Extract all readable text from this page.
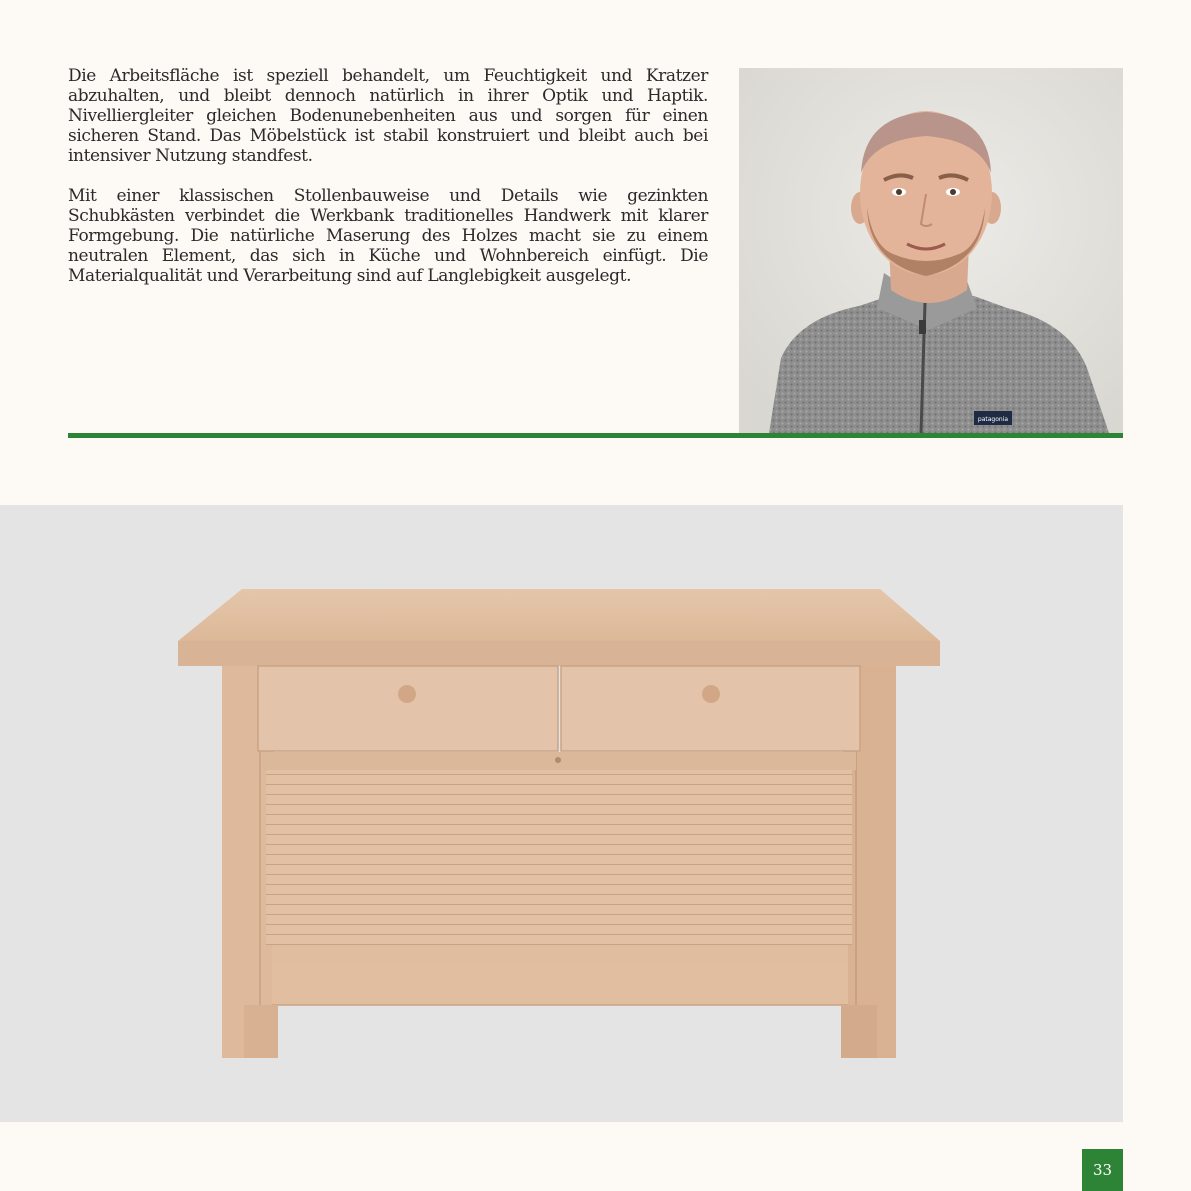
Die Arbeitsfläche ist speziell behandelt, um Feuchtigkeit und Kratzer abzuhalten, und bleibt dennoch natürlich in ihrer Optik und Haptik. Nivelliergleiter gleichen Bodenunebenheiten aus und sorgen für einen sicheren Stand. Das Möbelstück ist stabil konstruiert und bleibt auch bei intensiver Nutzung standfest.

Mit einer klassischen Stollenbauweise und Details wie gezinkten Schubkästen verbindet die Werkbank traditionelles Handwerk mit klarer Formgebung. Die natürliche Maserung des Holzes macht sie zu einem neutralen Element, das sich in Küche und Wohnbereich einfügt. Die Materialqualität und Verarbeitung sind auf Langlebigkeit ausgelegt.

patagonia
33
